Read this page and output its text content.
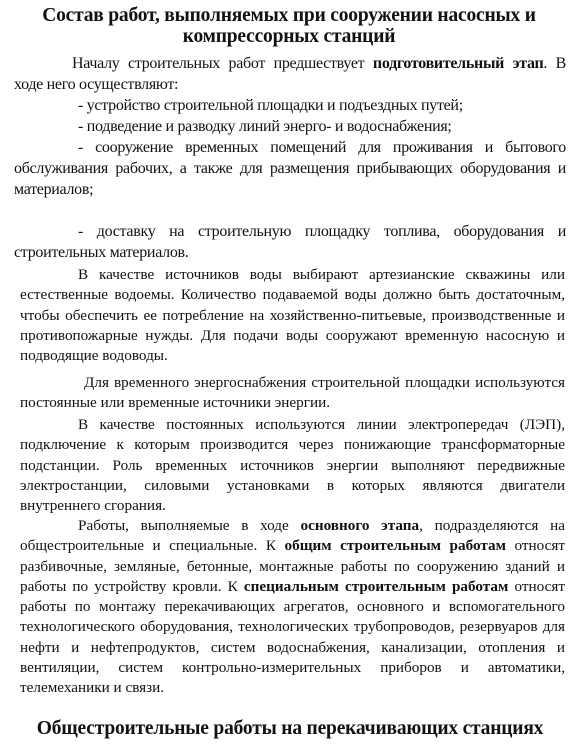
Состав работ, выполняемых при сооружении насосных и
компрессорных станций

Началу строительных работ предшествует подготовительный этап. В ходе него осуществляют:

- устройство строительной площадки и подъездных путей;

- подведение и разводку линий энерго- и водоснабжения;

- сооружение временных помещений для проживания и бытового обслуживания рабочих, а также для размещения прибывающих оборудования и материалов;

- доставку на строительную площадку топлива, оборудования и строительных материалов.

В качестве источников воды выбирают артезианские скважины или естественные водоемы. Количество подаваемой воды должно быть достаточным, чтобы обеспечить ее потребление на хозяйственно-питьевые, производственные и противопожарные нужды. Для подачи воды сооружают временную насосную и подводящие водоводы.

Для временного энергоснабжения строительной площадки используются постоянные или временные источники энергии.

В качестве постоянных используются линии электропередач (ЛЭП), подключение к которым производится через понижающие трансформаторные подстанции. Роль временных источников энергии выполняют передвижные электростанции, силовыми установками в которых являются двигатели внутреннего сгорания.

Работы, выполняемые в ходе основного этапа, подразделяются на общестроительные и специальные. К общим строительным работам относят разбивочные, земляные, бетонные, монтажные работы по сооружению зданий и работы по устройству кровли. К специальным строительным работам относят работы по монтажу перекачивающих агрегатов, основного и вспомогательного технологического оборудования, технологических трубопроводов, резервуаров для нефти и нефтепродуктов, систем водоснабжения, канализации, отопления и вентиляции, систем контрольно-измерительных приборов и автоматики, телемеханики и связи.

Общестроительные работы на перекачивающих станциях
